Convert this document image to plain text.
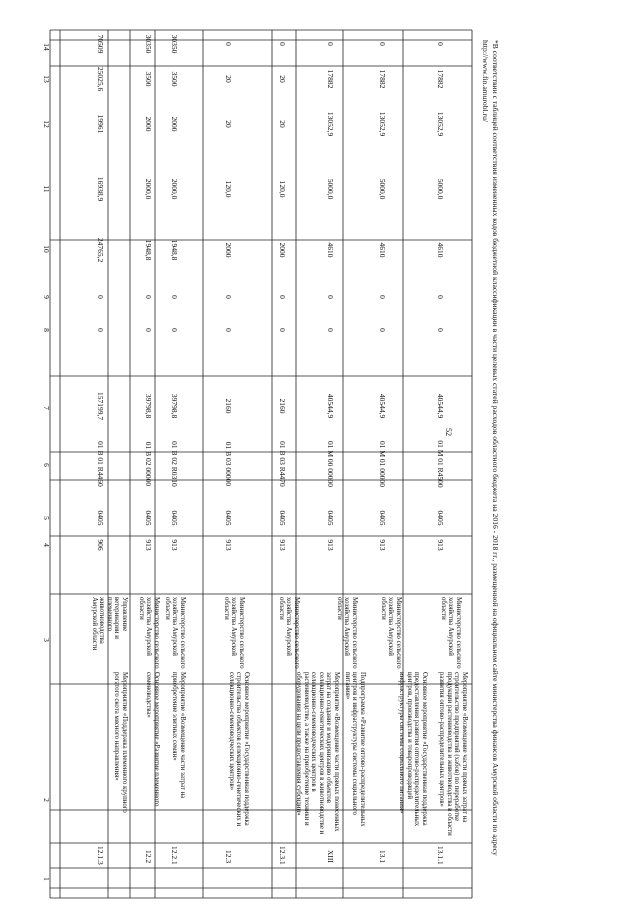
52
1
2
3
4
5
6
7
8
9
10
11
12
13
14
12.1.3
Мероприятие «Поддержка племенного крупного рогатого скота мясного направления»
Управление ветеринарии и племенного животноводства Амурской области
906
0405
01 В 01 R4460
157199,7
0
0
24765,2
16938,9
19961
25025,6
70509
12.2
Основное мероприятие «Развитие племенного семеноводства»
Министерство сельского хозяйства Амурской области
913
0405
01 В 02 00000
39798,8
0
0
1948,8
2000,0
2000
3500
30350
12.2.1
Мероприятие «Возмещение части затрат на приобретение элитных семян»
Министерство сельского хозяйства Амурской области
913
0405
01 В 02 R0310
39798,8
0
0
1948,8
2000,0
2000
3500
30350
12.3
Основное мероприятие «Государственная поддержка строительства объектов селекционно-генетических и селекционно-семеноводческих центров»
Министерство сельского хозяйства Амурской области
913
0405
01 В 03 00000
2160
0
0
2000
120,0
20
20
0
12.3.1
Мероприятие «Возмещение части прямых понесенных затрат на создание и модернизацию объектов селекционно-генетических центров в животноводстве и селекционно-семеноводческих центров в растениеводстве, а также на приобретение техники и оборудования на цели предоставления субсидии»
Министерство сельского хозяйства Амурской области
913
0405
01 В 03 R4470
2160
0
0
2000
120,0
20
20
0
XIII
Подпрограмма «Развитие оптово-распределительных центров и инфраструктуры системы социального питания»
Министерство сельского хозяйства Амурской области
913
0405
01 М 00 00000
40544,9
0
0
4610
5000,0
13052,9
17882
0
13.1
Основное мероприятие «Государственная поддержка предоставления развития оптово-распределительных центров, производства и товаропроводящей инфраструктуры системы социального питания»
Министерство сельского хозяйства Амурской области
913
0405
01 М 01 00000
40544,9
0
0
4610
5000,0
13052,9
17882
0
13.1.1
Мероприятие «Возмещение части прямых затрат на строительство предприятий (хабов) по переработке продукции растениеводства и животноводства в области развития оптово-распределительных центров»
Министерство сельского хозяйства Амурской области
913
0405
01 М 01 R4500
40544,9
0
0
4610
5000,0
13052,9
17882
0	*В соответствии с таблицей соответствия измененных кодов бюджетной классификации в части целевых статей расходов областного бюджета на 2016 - 2018 гг., размещенной на официальном сайте министерства финансов Амурской области по адресу http://www.fin.amurobl.ru/
